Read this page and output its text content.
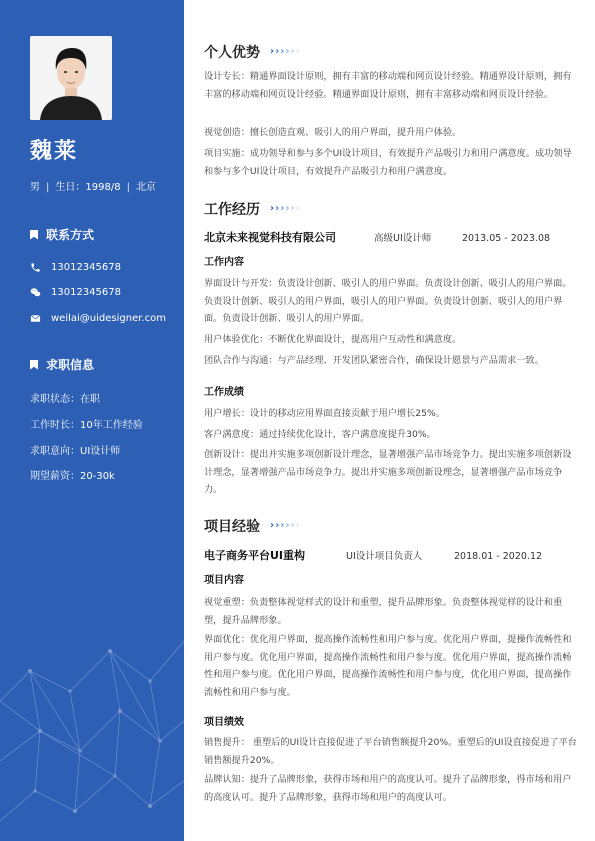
魏莱
男 | 生日：1998/8 | 北京
联系方式
13012345678
13012345678
weilai@uidesigner.com
求职信息
求职状态：在职
工作时长：10年工作经验
求职意向：UI设计师
期望薪资：20-30k
个人优势 › › › › › ›
设计专长：精通界面设计原则，拥有丰富的移动端和网页设计经验。精通界设计原则，拥有丰富的移动端和网页设计经验。精通界面设计原则，拥有丰富移动端和网页设计经验。
视觉创造：擅长创造直观、吸引人的用户界面，提升用户体验。
项目实施：成功领导和参与多个UI设计项目，有效提升产品吸引力和用户满意度。成功领导和参与多个UI设计项目，有效提升产品吸引力和用户满意度。
工作经历 › › › › › ›
北京未来视觉科技有限公司	高级UI设计师	2013.05 - 2023.08
工作内容
界面设计与开发：负责设计创新、吸引人的用户界面。负责设计创新、吸引人的用户界面。负责设计创新、吸引人的用户界面，吸引人的用户界面。负责设计创新、吸引人的用户界面。负责设计创新、吸引人的用户界面。
用户体验优化：不断优化界面设计，提高用户互动性和满意度。
团队合作与沟通：与产品经理、开发团队紧密合作，确保设计愿景与产品需求一致。
工作成绩
用户增长：设计的移动应用界面直接贡献于用户增长25%。
客户满意度：通过持续优化设计，客户满意度提升30%。
创新设计：提出并实施多项创新设计理念，显著增强产品市场竞争力。提出实施多项创新设计理念，显著增强产品市场竞争力。提出并实施多项创新设理念，显著增强产品市场竞争力。
项目经验 › › › › › ›
电子商务平台UI重构	UI设计项目负责人	2018.01 - 2020.12
项目内容
视觉重塑：负责整体视觉样式的设计和重塑，提升品牌形象。负责整体视觉样的设计和重塑，提升品牌形象。
界面优化：优化用户界面，提高操作流畅性和用户参与度。优化用户界面，提操作流畅性和用户参与度。优化用户界面，提高操作流畅性和用户参与度。优化用户界面，提高操作流畅性和用户参与度。优化用户界面，提高操作流畅性和用户参与度，优化用户界面，提高操作流畅性和用户参与度。
项目绩效
销售提升： 重塑后的UI设计直接促进了平台销售额提升20%。重塑后的UI设直接促进了平台销售额提升20%。
品牌认知：提升了品牌形象，获得市场和用户的高度认可。提升了品牌形象，得市场和用户的高度认可。提升了品牌形象，获得市场和用户的高度认可。
